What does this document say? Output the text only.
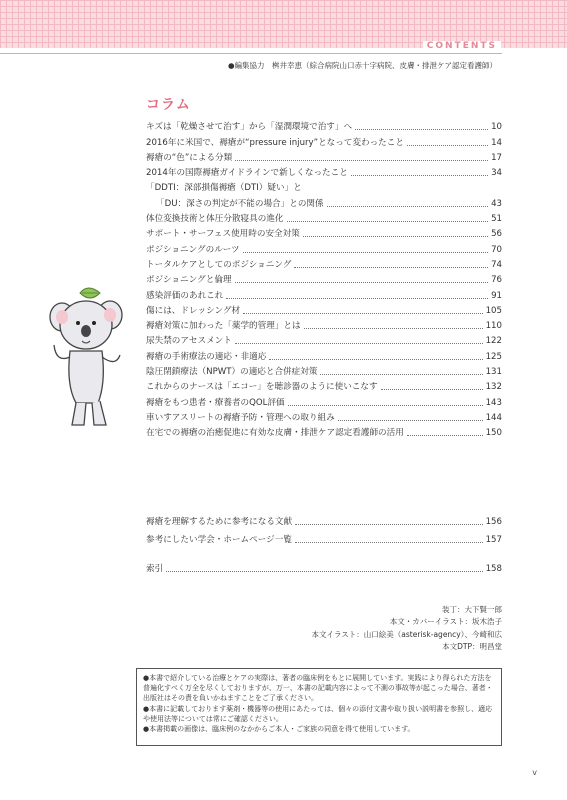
CONTENTS
●編集協力　桝井幸恵（綜合病院山口赤十字病院、皮膚・排泄ケア認定看護師）
コラム
キズは「乾燥させて治す」から「湿潤環境で治す」へ	10
2016年に米国で、褥瘡が“pressure injury”となって変わったこと	14
褥瘡の“色”による分類	17
2014年の国際褥瘡ガイドラインで新しくなったこと	34
「DDTI：深部損傷褥瘡（DTI）疑い」と
「DU：深さの判定が不能の場合」との関係	43
体位変換技術と体圧分散寝具の進化	51
サポート・サーフェス使用時の安全対策	56
ポジショニングのルーツ	70
トータルケアとしてのポジショニング	74
ポジショニングと倫理	76
感染評価のあれこれ	91
傷には、ドレッシング材	105
褥瘡対策に加わった「薬学的管理」とは	110
尿失禁のアセスメント	122
褥瘡の手術療法の適応・非適応	125
陰圧閉鎖療法（NPWT）の適応と合併症対策	131
これからのナースは「エコー」を聴診器のように使いこなす	132
褥瘡をもつ患者・療養者のQOL評価	143
車いすアスリートの褥瘡予防・管理への取り組み	144
在宅での褥瘡の治癒促進に有効な皮膚・排泄ケア認定看護師の活用	150
褥瘡を理解するために参考になる文献	156
参考にしたい学会・ホームページ一覧	157
索引	158
装丁：大下賢一郎
本文・カバーイラスト：坂木浩子
本文イラスト：山口絵美（asterisk-agency）、今崎和広
本文DTP：明昌堂

●本書で紹介している治療とケアの実際は、著者の臨床例をもとに展開しています。実践により得られた方法を普遍化すべく万全を尽くしておりますが、万一、本書の記載内容によって不測の事故等が起こった場合、著者・出版社はその責を負いかねますことをご了承ください。

●本書に記載しております薬剤・機器等の使用にあたっては、個々の添付文書や取り扱い説明書を参照し、適応や使用法等については常にご確認ください。

●本書掲載の画像は、臨床例のなかからご本人・ご家族の同意を得て使用しています。

v
